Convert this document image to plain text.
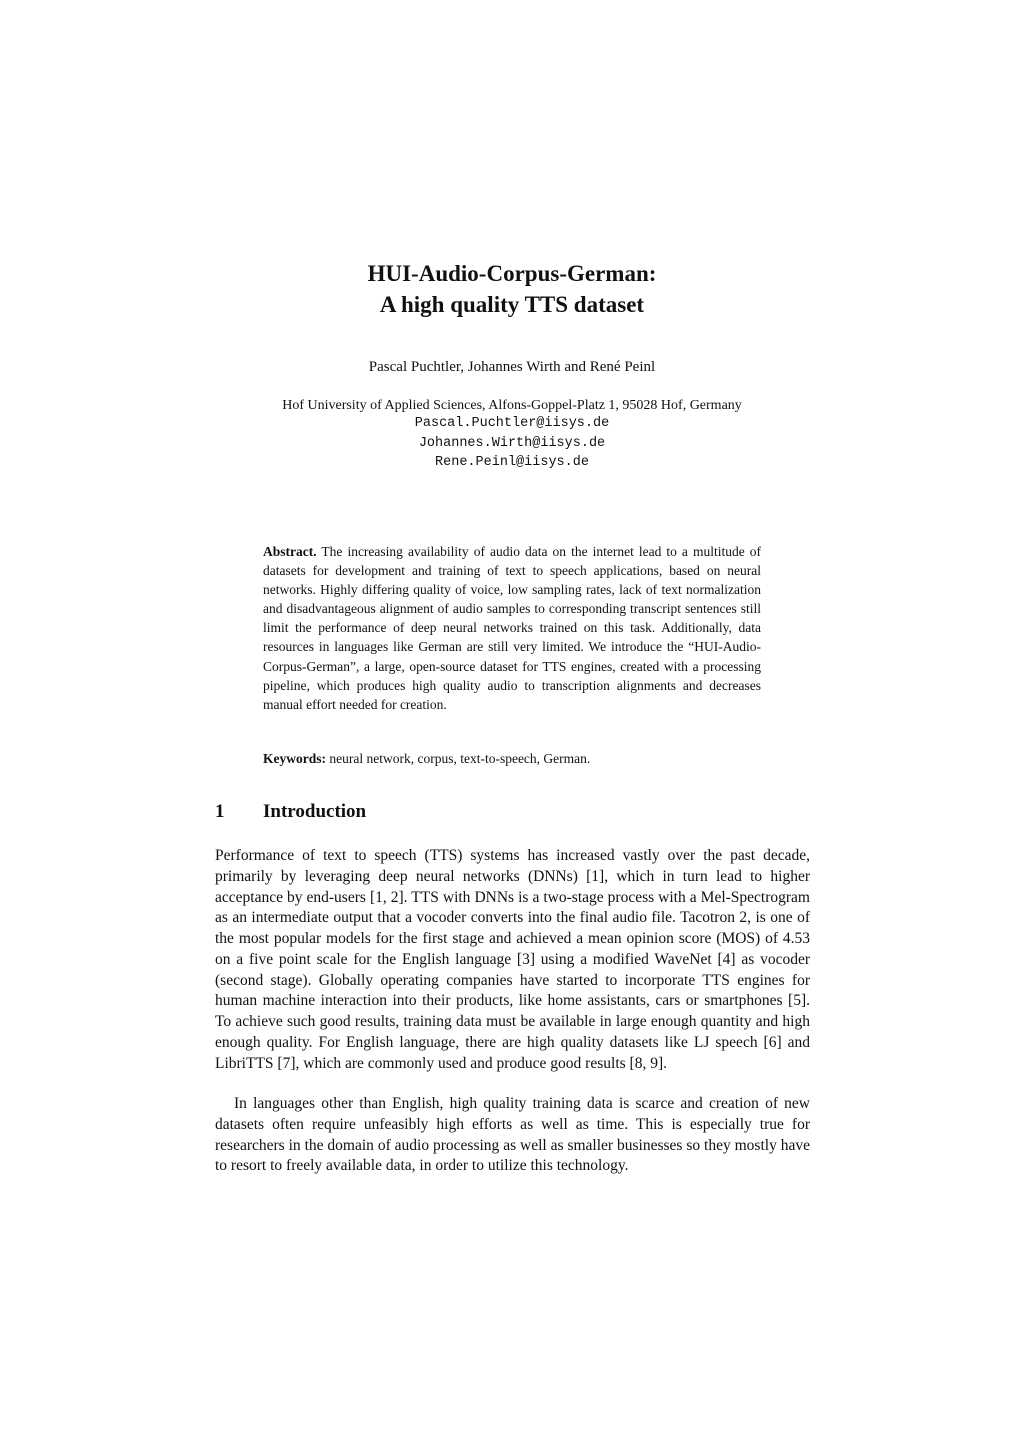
HUI-Audio-Corpus-German:
A high quality TTS dataset
Pascal Puchtler, Johannes Wirth and René Peinl
Hof University of Applied Sciences, Alfons-Goppel-Platz 1, 95028 Hof, Germany
Pascal.Puchtler@iisys.de
Johannes.Wirth@iisys.de
Rene.Peinl@iisys.de

Abstract. The increasing availability of audio data on the internet lead to a multitude of datasets for development and training of text to speech applications, based on neural networks. Highly differing quality of voice, low sampling rates, lack of text normalization and disadvantageous alignment of audio samples to corresponding transcript sentences still limit the performance of deep neural networks trained on this task. Additionally, data resources in languages like German are still very limited. We introduce the “HUI-Audio-Corpus-German”, a large, open-source dataset for TTS engines, created with a processing pipeline, which produces high quality audio to transcription alignments and decreases manual effort needed for creation.

Keywords: neural network, corpus, text-to-speech, German.

1 Introduction

Performance of text to speech (TTS) systems has increased vastly over the past decade, primarily by leveraging deep neural networks (DNNs) [1], which in turn lead to higher acceptance by end-users [1, 2]. TTS with DNNs is a two-stage process with a Mel-Spectrogram as an intermediate output that a vocoder converts into the final audio file. Tacotron 2, is one of the most popular models for the first stage and achieved a mean opinion score (MOS) of 4.53 on a five point scale for the English language [3] using a modified WaveNet [4] as vocoder (second stage). Globally operating companies have started to incorporate TTS engines for human machine interaction into their products, like home assistants, cars or smartphones [5]. To achieve such good results, training data must be available in large enough quantity and high enough quality. For English language, there are high quality datasets like LJ speech [6] and LibriTTS [7], which are commonly used and produce good results [8, 9].

In languages other than English, high quality training data is scarce and creation of new datasets often require unfeasibly high efforts as well as time. This is especially true for researchers in the domain of audio processing as well as smaller businesses so they mostly have to resort to freely available data, in order to utilize this technology.
